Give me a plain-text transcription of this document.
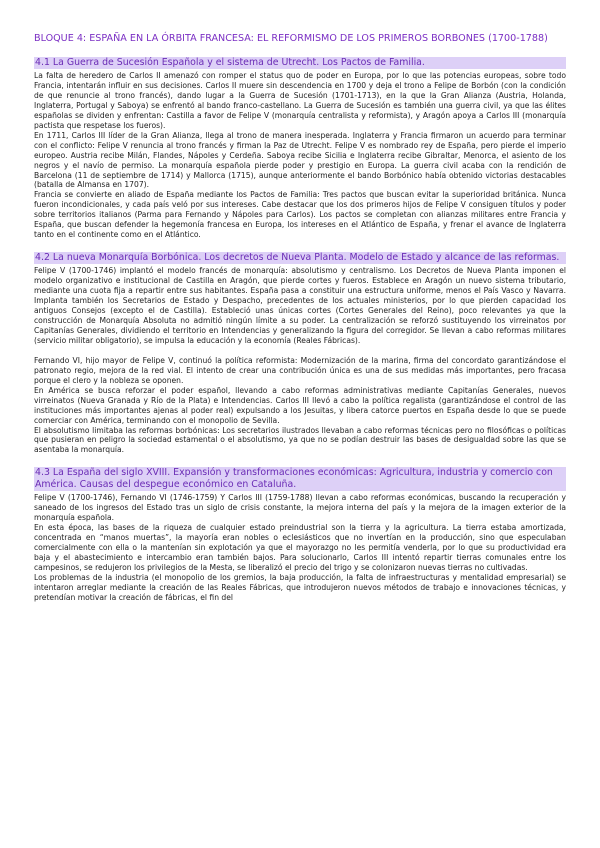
BLOQUE 4: ESPAÑA EN LA ÓRBITA FRANCESA: EL REFORMISMO DE LOS PRIMEROS BORBONES (1700-1788)
4.1 La Guerra de Sucesión Española y el sistema de Utrecht. Los Pactos de Familia.

La falta de heredero de Carlos II amenazó con romper el status quo de poder en Europa, por lo que las potencias europeas, sobre todo Francia, intentarán influir en sus decisiones. Carlos II muere sin descendencia en 1700 y deja el trono a Felipe de Borbón (con la condición de que renuncie al trono francés), dando lugar a la Guerra de Sucesión (1701-1713), en la que la Gran Alianza (Austria, Holanda, Inglaterra, Portugal y Saboya) se enfrentó al bando franco-castellano. La Guerra de Sucesión es también una guerra civil, ya que las élites españolas se dividen y enfrentan: Castilla a favor de Felipe V (monarquía centralista y reformista), y Aragón apoya a Carlos III (monarquía pactista que respetase los fueros).

En 1711, Carlos III líder de la Gran Alianza, llega al trono de manera inesperada. Inglaterra y Francia firmaron un acuerdo para terminar con el conflicto: Felipe V renuncia al trono francés y firman la Paz de Utrecht. Felipe V es nombrado rey de España, pero pierde el imperio europeo. Austria recibe Milán, Flandes, Nápoles y Cerdeña. Saboya recibe Sicilia e Inglaterra recibe Gibraltar, Menorca, el asiento de los negros y el navío de permiso. La monarquía española pierde poder y prestigio en Europa. La guerra civil acaba con la rendición de Barcelona (11 de septiembre de 1714) y Mallorca (1715), aunque anteriormente el bando Borbónico había obtenido victorias destacables (batalla de Almansa en 1707).

Francia se convierte en aliado de España mediante los Pactos de Familia: Tres pactos que buscan evitar la superioridad británica. Nunca fueron incondicionales, y cada país veló por sus intereses. Cabe destacar que los dos primeros hijos de Felipe V consiguen títulos y poder sobre territorios italianos (Parma para Fernando y Nápoles para Carlos). Los pactos se completan con alianzas militares entre Francia y España, que buscan defender la hegemonía francesa en Europa, los intereses en el Atlántico de España, y frenar el avance de Inglaterra tanto en el continente como en el Atlántico.

4.2 La nueva Monarquía Borbónica. Los decretos de Nueva Planta. Modelo de Estado y alcance de las reformas.

Felipe V (1700-1746) implantó el modelo francés de monarquía: absolutismo y centralismo. Los Decretos de Nueva Planta imponen el modelo organizativo e institucional de Castilla en Aragón, que pierde cortes y fueros. Establece en Aragón un nuevo sistema tributario, mediante una cuota fija a repartir entre sus habitantes. España pasa a constituir una estructura uniforme, menos el País Vasco y Navarra. Implanta también los Secretarios de Estado y Despacho, precedentes de los actuales ministerios, por lo que pierden capacidad los antiguos Consejos (excepto el de Castilla). Estableció unas únicas cortes (Cortes Generales del Reino), poco relevantes ya que la construcción de Monarquía Absoluta no admitió ningún límite a su poder. La centralización se reforzó sustituyendo los virreinatos por Capitanías Generales, dividiendo el territorio en Intendencias y generalizando la figura del corregidor. Se llevan a cabo reformas militares (servicio militar obligatorio), se impulsa la educación y la economía (Reales Fábricas).

Fernando VI, hijo mayor de Felipe V, continuó la política reformista: Modernización de la marina, firma del concordato garantizándose el patronato regio, mejora de la red vial. El intento de crear una contribución única es una de sus medidas más importantes, pero fracasa porque el clero y la nobleza se oponen.

En América se busca reforzar el poder español, llevando a cabo reformas administrativas mediante Capitanías Generales, nuevos virreinatos (Nueva Granada y Río de la Plata) e Intendencias. Carlos III llevó a cabo la política regalista (garantizándose el control de las instituciones más importantes ajenas al poder real) expulsando a los Jesuitas, y libera catorce puertos en España desde lo que se puede comerciar con América, terminando con el monopolio de Sevilla.

El absolutismo limitaba las reformas borbónicas: Los secretarios ilustrados llevaban a cabo reformas técnicas pero no filosóficas o políticas que pusieran en peligro la sociedad estamental o el absolutismo, ya que no se podían destruir las bases de desigualdad sobre las que se asentaba la monarquía.

4.3 La España del siglo XVIII. Expansión y transformaciones económicas: Agricultura, industria y comercio con América. Causas del despegue económico en Cataluña.

Felipe V (1700-1746), Fernando VI (1746-1759) Y Carlos III (1759-1788) llevan a cabo reformas económicas, buscando la recuperación y saneado de los ingresos del Estado tras un siglo de crisis constante, la mejora interna del país y la mejora de la imagen exterior de la monarquía española.

En esta época, las bases de la riqueza de cualquier estado preindustrial son la tierra y la agricultura. La tierra estaba amortizada, concentrada en “manos muertas”, la mayoría eran nobles o eclesiásticos que no invertían en la producción, sino que especulaban comercialmente con ella o la mantenían sin explotación ya que el mayorazgo no les permitía venderla, por lo que su productividad era baja y el abastecimiento e intercambio eran también bajos. Para solucionarlo, Carlos III intentó repartir tierras comunales entre los campesinos, se redujeron los privilegios de la Mesta, se liberalizó el precio del trigo y se colonizaron nuevas tierras no cultivadas.

Los problemas de la industria (el monopolio de los gremios, la baja producción, la falta de infraestructuras y mentalidad empresarial) se intentaron arreglar mediante la creación de las Reales Fábricas, que introdujeron nuevos métodos de trabajo e innovaciones técnicas, y pretendían motivar la creación de fábricas, el fin del
